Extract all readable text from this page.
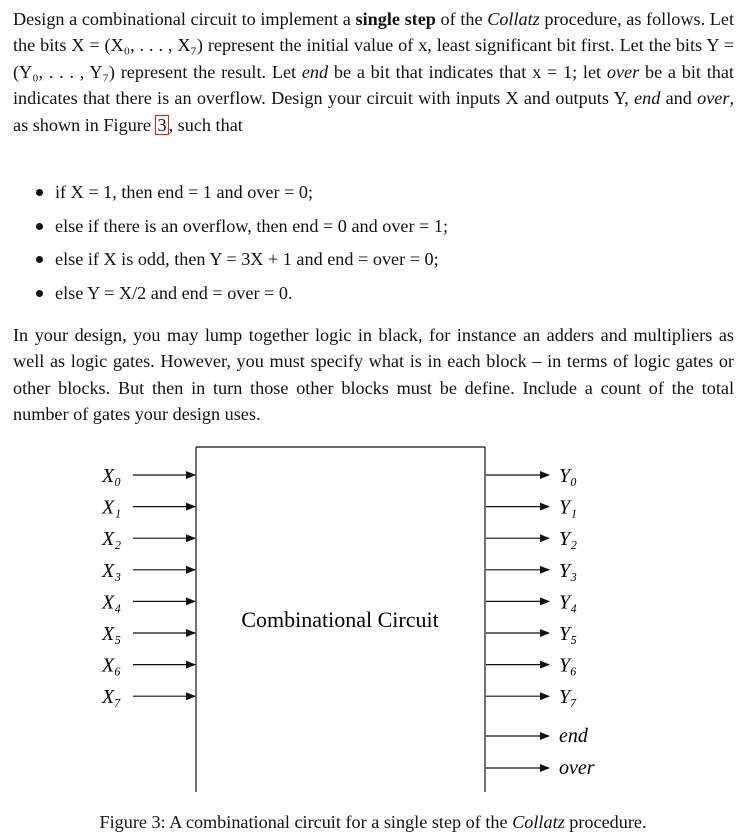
Design a combinational circuit to implement a single step of the Collatz procedure, as follows. Let the bits X = (X₀, . . . , X₇) represent the initial value of x, least significant bit first. Let the bits Y = (Y₀, . . . , Y₇) represent the result. Let end be a bit that indicates that x = 1; let over be a bit that indicates that there is an overflow. Design your circuit with inputs X and outputs Y, end and over, as shown in Figure 3 , such that

if X = 1, then end = 1 and over = 0;
else if there is an overflow, then end = 0 and over = 1;
else if X is odd, then Y = 3X + 1 and end = over = 0;
else Y = X/2 and end = over = 0.

In your design, you may lump together logic in black, for instance an adders and multipliers as well as logic gates. However, you must specify what is in each block – in terms of logic gates or other blocks. But then in turn those other blocks must be define. Include a count of the total number of gates your design uses.

Combinational Circuit
X₀
X₁
X₂
X₃
X₄
X₅
X₆
X₇
Y₀
Y₁
Y₂
Y₃
Y₄
Y₅
Y₆
Y₇
end
over

Figure 3: A combinational circuit for a single step of the Collatz procedure.
